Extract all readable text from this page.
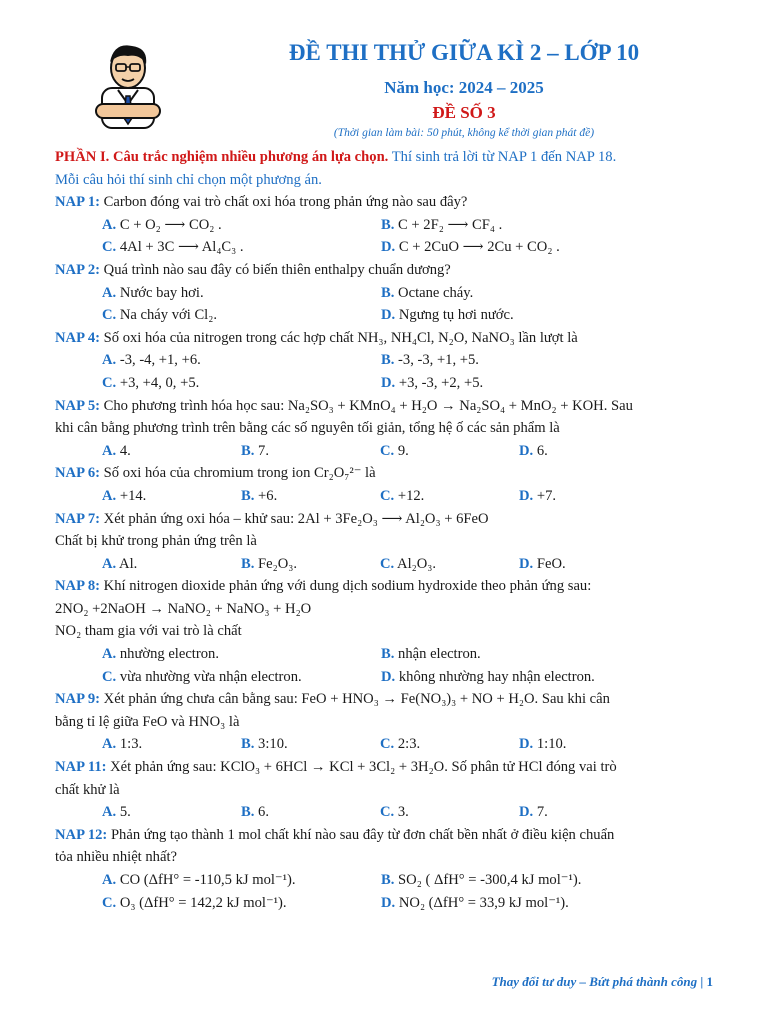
ĐỀ THI THỬ GIỮA KÌ 2 – LỚP 10
Năm học: 2024 – 2025
ĐỀ SỐ 3
(Thời gian làm bài: 50 phút, không kể thời gian phát đề)
PHẦN I. Câu trắc nghiệm nhiều phương án lựa chọn. Thí sinh trả lời từ NAP 1 đến NAP 18.
Mỗi câu hỏi thí sinh chỉ chọn một phương án.
NAP 1: Carbon đóng vai trò chất oxi hóa trong phản ứng nào sau đây?
A. C + O₂ ⟶ CO₂ .	B. C + 2F₂ ⟶ CF₄ .
C. 4Al + 3C ⟶ Al₄C₃ .	D. C + 2CuO ⟶ 2Cu + CO₂ .
NAP 2: Quá trình nào sau đây có biến thiên enthalpy chuẩn dương?
A. Nước bay hơi.	B. Octane cháy.
C. Na cháy với Cl₂.	D. Ngưng tụ hơi nước.
NAP 4: Số oxi hóa của nitrogen trong các hợp chất NH₃, NH₄Cl, N₂O, NaNO₃ lần lượt là
A. -3, -4, +1, +6.	B. -3, -3, +1, +5.
C. +3, +4, 0, +5.	D. +3, -3, +2, +5.
NAP 5: Cho phương trình hóa học sau: Na₂SO₃ + KMnO₄ + H₂O → Na₂SO₄ + MnO₂ + KOH. Sau
khi cân bằng phương trình trên bằng các số nguyên tối giản, tổng hệ ố các sản phẩm là
A. 4.	B. 7.	C. 9.	D. 6.
NAP 6: Số oxi hóa của chromium trong ion Cr₂O₇²⁻ là
A. +14.	B. +6.	C. +12.	D. +7.
NAP 7: Xét phản ứng oxi hóa – khử sau: 2Al + 3Fe₂O₃ ⟶ Al₂O₃ + 6FeO
Chất bị khử trong phản ứng trên là
A. Al.	B. Fe₂O₃.	C. Al₂O₃.	D. FeO.
NAP 8: Khí nitrogen dioxide phản ứng với dung dịch sodium hydroxide theo phản ứng sau:
2NO₂ +2NaOH → NaNO₂ + NaNO₃ + H₂O
NO₂ tham gia với vai trò là chất
A. nhường electron.	B. nhận electron.
C. vừa nhường vừa nhận electron.	D. không nhường hay nhận electron.
NAP 9: Xét phản ứng chưa cân bằng sau: FeO + HNO₃ → Fe(NO₃)₃ + NO + H₂O. Sau khi cân
bằng tỉ lệ giữa FeO và HNO₃ là
A. 1:3.	B. 3:10.	C. 2:3.	D. 1:10.
NAP 11: Xét phản ứng sau: KClO₃ + 6HCl → KCl + 3Cl₂ + 3H₂O. Số phân tử HCl đóng vai trò
chất khử là
A. 5.	B. 6.	C. 3.	D. 7.
NAP 12: Phản ứng tạo thành 1 mol chất khí nào sau đây từ đơn chất bền nhất ở điều kiện chuẩn
tỏa nhiều nhiệt nhất?
A. CO (ΔfH° = -110,5 kJ mol⁻¹).	B. SO₂ ( ΔfH° = -300,4 kJ mol⁻¹).
C. O₃ (ΔfH° = 142,2 kJ mol⁻¹).	D. NO₂ (ΔfH° = 33,9 kJ mol⁻¹).
Thay đổi tư duy – Bứt phá thành công | 1
